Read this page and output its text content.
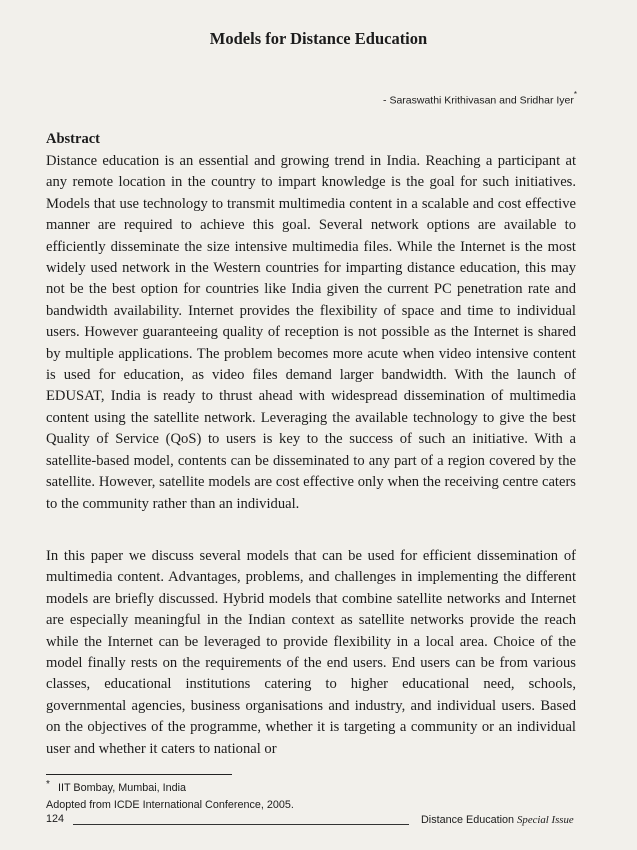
Models for Distance Education
- Saraswathi Krithivasan and Sridhar Iyer*
Abstract

Distance education is an essential and growing trend in India. Reaching a participant at any remote location in the country to impart knowledge is the goal for such initiatives. Models that use technology to transmit multimedia content in a scalable and cost effective manner are required to achieve this goal. Several network options are available to efficiently disseminate the size intensive multimedia files. While the Internet is the most widely used network in the Western countries for imparting distance education, this may not be the best option for countries like India given the current PC penetration rate and bandwidth availability. Internet provides the flexibility of space and time to individual users. However guaranteeing quality of reception is not possible as the Internet is shared by multiple applications. The problem becomes more acute when video intensive content is used for education, as video files demand larger bandwidth. With the launch of EDUSAT, India is ready to thrust ahead with widespread dissemination of multimedia content using the satellite network. Leveraging the available technology to give the best Quality of Service (QoS) to users is key to the success of such an initiative. With a satellite-based model, contents can be disseminated to any part of a region covered by the satellite. However, satellite models are cost effective only when the receiving centre caters to the community rather than an individual.

In this paper we discuss several models that can be used for efficient dissemination of multimedia content. Advantages, problems, and challenges in implementing the different models are briefly discussed. Hybrid models that combine satellite networks and Internet are especially meaningful in the Indian context as satellite networks provide the reach while the Internet can be leveraged to provide flexibility in a local area. Choice of the model finally rests on the requirements of the end users. End users can be from various classes, educational institutions catering to higher educational need, schools, governmental agencies, business organisations and industry, and individual users. Based on the objectives of the programme, whether it is targeting a community or an individual user and whether it caters to national or

* IIT Bombay, Mumbai, India
Adopted from ICDE International Conference, 2005.
124	Distance Education Special Issue
